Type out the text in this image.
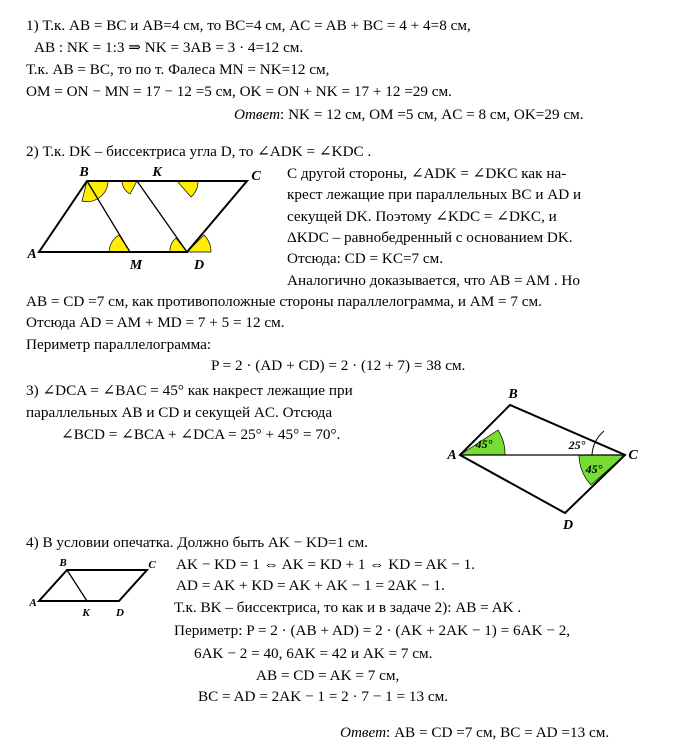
1) Т.к. AB = BC и AB=4 см, то BC=4 см, AC = AB + BC = 4 + 4=8 см,
AB : NK = 1:3 ⇒ NK = 3AB = 3 · 4=12 см.
Т.к. AB = BC, то по т. Фалеса MN = NK=12 см,
OM = ON − MN = 17 − 12 =5 см, OK = ON + NK = 17 + 12 =29 см.
Ответ: NK = 12 см, OM =5 см, AC = 8 см, OK=29 см.
2) Т.к. DK – биссектриса угла D, то ∠ADK = ∠KDC .
B	K	C
A
M	D
С другой стороны, ∠ADK = ∠DKC как на-
крест лежащие при параллельных BC и AD и
секущей DK. Поэтому ∠KDC = ∠DKC, и
ΔKDC – равнобедренный с основанием DK.
Отсюда: CD = KC=7 см.
Аналогично доказывается, что AB = AM . Но
AB = CD =7 см, как противоположные стороны параллелограмма, и AM = 7 см.
Отсюда AD = AM + MD = 7 + 5 = 12 см.
Периметр параллелограмма:
P = 2 · (AD + CD) = 2 · (12 + 7) = 38 см.
3) ∠DCA = ∠BAC = 45° как накрест лежащие при
параллельных AB и CD и секущей AC. Отсюда
∠BCD = ∠BCA + ∠DCA = 25° + 45° = 70°.
A
B
C
D
45°	25°
45°
4) В условии опечатка. Должно быть AK − KD=1 см.
B	C
A
K D
AK − KD = 1 ⇔ AK = KD + 1 ⇔ KD = AK − 1.
AD = AK + KD = AK + AK − 1 = 2AK − 1.
Т.к. BK – биссектриса, то как и в задаче 2): AB = AK .
Периметр: P = 2 · (AB + AD) = 2 · (AK + 2AK − 1) = 6AK − 2,
6AK − 2 = 40, 6AK = 42 и AK = 7 см.
AB = CD = AK = 7 см,
BC = AD = 2AK − 1 = 2 · 7 − 1 = 13 см.
Ответ: AB = CD =7 см, BC = AD =13 см.
